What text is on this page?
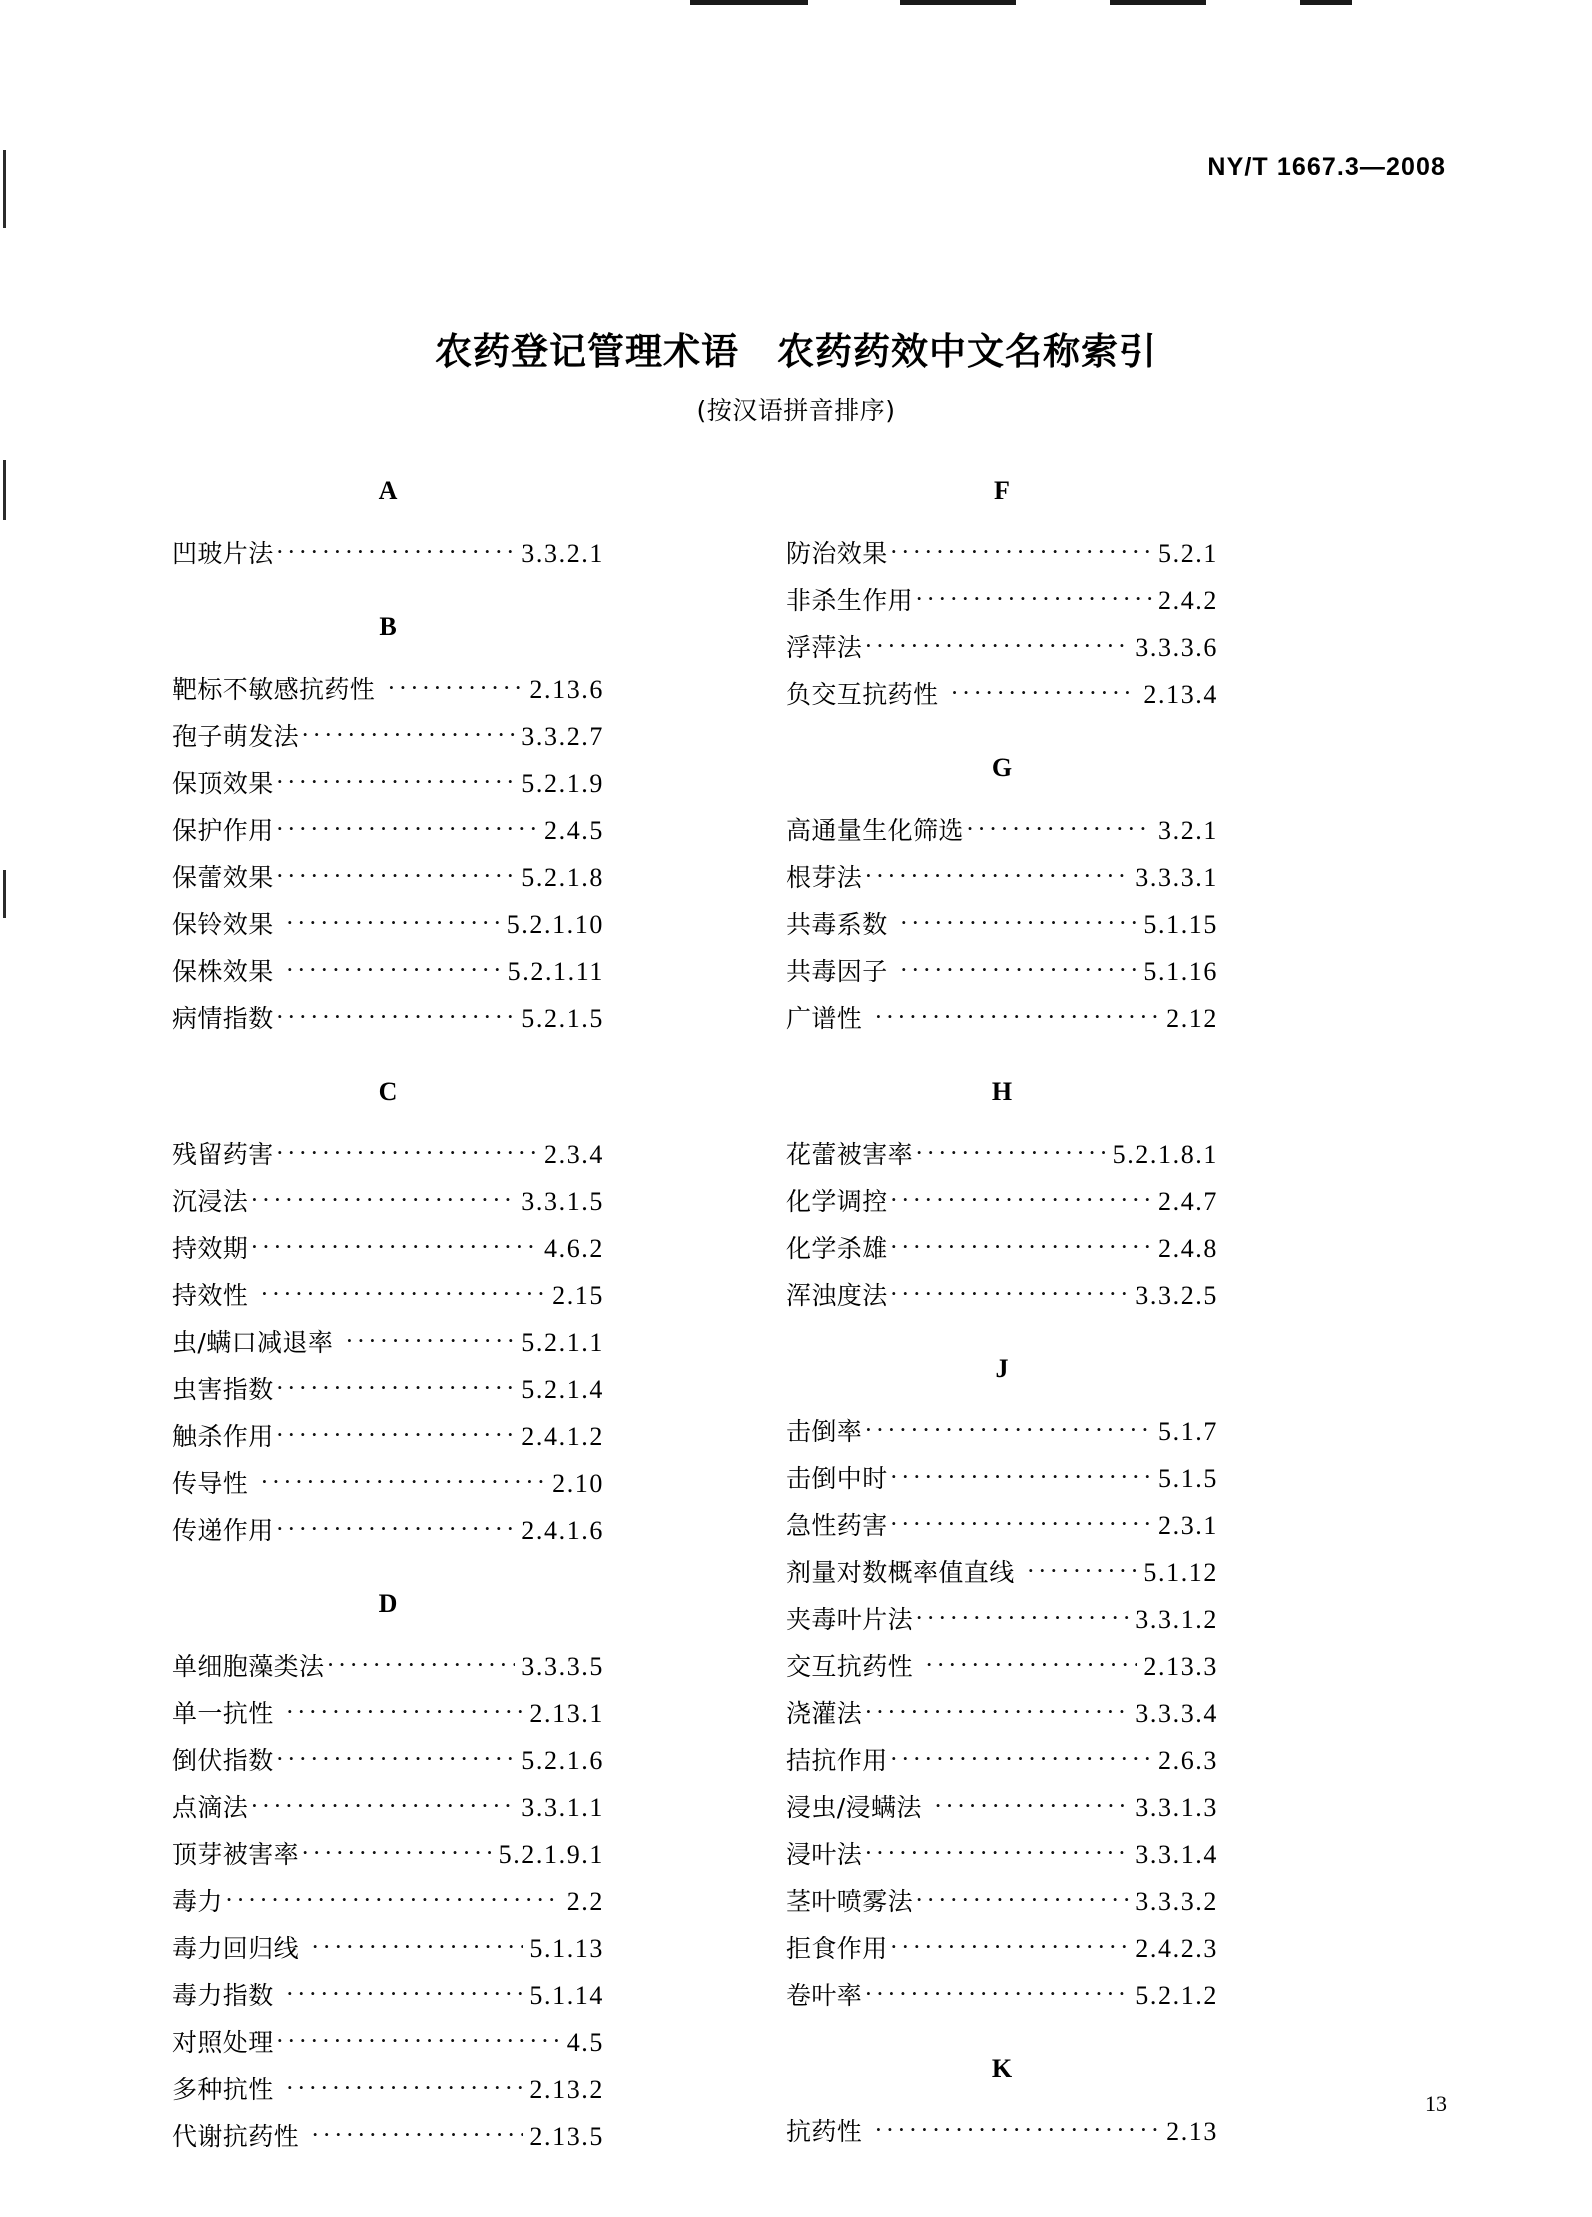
NY/T 1667.3—2008
农药登记管理术语　农药药效中文名称索引
(按汉语拼音排序)
A
凹玻片法 ·····	3.3.2.1
B
靶标不敏感抗药性 ·····	2.13.6
孢子萌发法 ·····	3.3.2.7
保顶效果 ·····	5.2.1.9
保护作用 ·····	2.4.5
保蕾效果 ·····	5.2.1.8
保铃效果 ·····	5.2.1.10
保株效果 ·····	5.2.1.11
病情指数 ·····	5.2.1.5
C
残留药害 ·····	2.3.4
沉浸法 ·····	3.3.1.5
持效期 ·····	4.6.2
持效性 ·····	2.15
虫/螨口减退率 ·····	5.2.1.1
虫害指数 ·····	5.2.1.4
触杀作用 ·····	2.4.1.2
传导性 ·····	2.10
传递作用 ·····	2.4.1.6
D
单细胞藻类法 ·····	3.3.3.5
单一抗性 ·····	2.13.1
倒伏指数 ·····	5.2.1.6
点滴法 ·····	3.3.1.1
顶芽被害率 ·····	5.2.1.9.1
毒力 ·····	2.2
毒力回归线 ·····	5.1.13
毒力指数 ·····	5.1.14
对照处理 ·····	4.5
多种抗性 ·····	2.13.2
代谢抗药性 ·····	2.13.5
F
防治效果 ·····	5.2.1
非杀生作用 ·····	2.4.2
浮萍法 ·····	3.3.3.6
负交互抗药性 ·····	2.13.4
G
高通量生化筛选 ·····	3.2.1
根芽法 ·····	3.3.3.1
共毒系数 ·····	5.1.15
共毒因子 ·····	5.1.16
广谱性 ·····	2.12
H
花蕾被害率 ·····	5.2.1.8.1
化学调控 ·····	2.4.7
化学杀雄 ·····	2.4.8
浑浊度法 ·····	3.3.2.5
J
击倒率 ·····	5.1.7
击倒中时 ·····	5.1.5
急性药害 ·····	2.3.1
剂量对数概率值直线 ·····	5.1.12
夹毒叶片法 ·····	3.3.1.2
交互抗药性 ·····	2.13.3
浇灌法 ·····	3.3.3.4
拮抗作用 ·····	2.6.3
浸虫/浸螨法 ·····	3.3.1.3
浸叶法 ·····	3.3.1.4
茎叶喷雾法 ·····	3.3.3.2
拒食作用 ·····	2.4.2.3
卷叶率 ·····	5.2.1.2
K
抗药性 ·····	2.13
13
